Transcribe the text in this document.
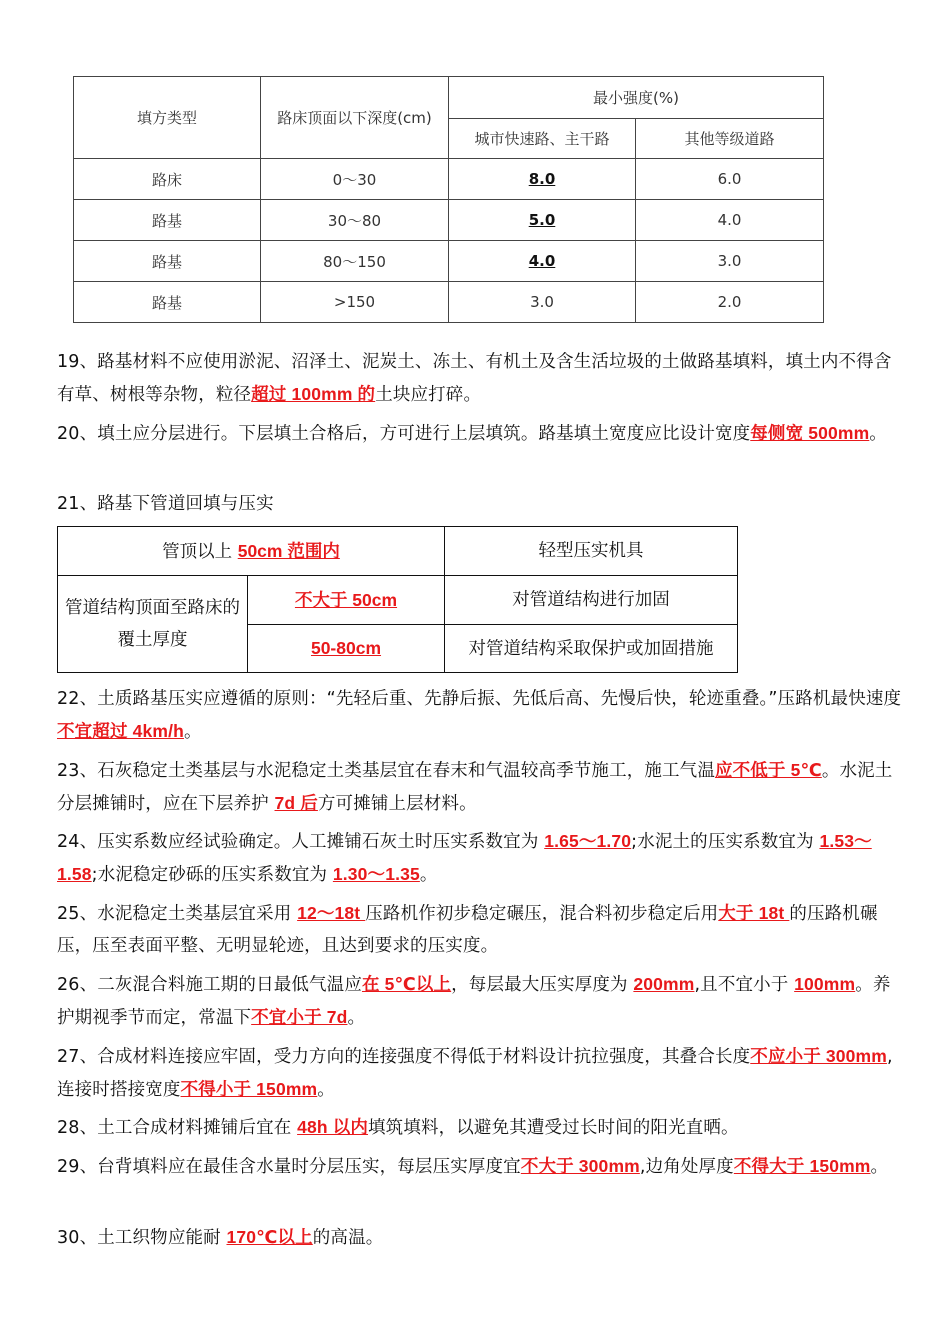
填方类型	路床顶面以下深度(cm)	最小强度(%)	
		城市快速路、主干路	其他等级道路
路床	0～30	8.0	6.0
路基	30～80	5.0	4.0
路基	80～150	4.0	3.0
路基	>150	3.0	2.0

19、路基材料不应使用淤泥、沼泽土、泥炭土、冻土、有机土及含生活垃圾的土做路基填料，填土内不得含有草、树根等杂物，粒径超过 100mm 的土块应打碎。

20、填土应分层进行。下层填土合格后，方可进行上层填筑。路基填土宽度应比设计宽度每侧宽 500mm。

21、路基下管道回填与压实

管顶以上 50cm 范围内		轻型压实机具
管道结构顶面至路床的覆土厚度	不大于 50cm	对管道结构进行加固
	50-80cm	对管道结构采取保护或加固措施

22、土质路基压实应遵循的原则：“先轻后重、先静后振、先低后高、先慢后快，轮迹重叠。”压路机最快速度不宜超过 4km/h。

23、石灰稳定土类基层与水泥稳定土类基层宜在春末和气温较高季节施工，施工气温应不低于 5℃。水泥土分层摊铺时，应在下层养护 7d 后方可摊铺上层材料。

24、压实系数应经试验确定。人工摊铺石灰土时压实系数宜为 1.65～1.70;水泥土的压实系数宜为 1.53～1.58;水泥稳定砂砾的压实系数宜为 1.30～1.35。

25、水泥稳定土类基层宜采用 12～18t 压路机作初步稳定碾压，混合料初步稳定后用大于 18t 的压路机碾压，压至表面平整、无明显轮迹，且达到要求的压实度。

26、二灰混合料施工期的日最低气温应在 5℃以上，每层最大压实厚度为 200mm,且不宜小于 100mm。养护期视季节而定，常温下不宜小于 7d。

27、合成材料连接应牢固，受力方向的连接强度不得低于材料设计抗拉强度，其叠合长度不应小于 300mm,连接时搭接宽度不得小于 150mm。

28、土工合成材料摊铺后宜在 48h 以内填筑填料，以避免其遭受过长时间的阳光直晒。

29、台背填料应在最佳含水量时分层压实，每层压实厚度宜不大于 300mm,边角处厚度不得大于 150mm。

30、土工织物应能耐 170℃以上的高温。
